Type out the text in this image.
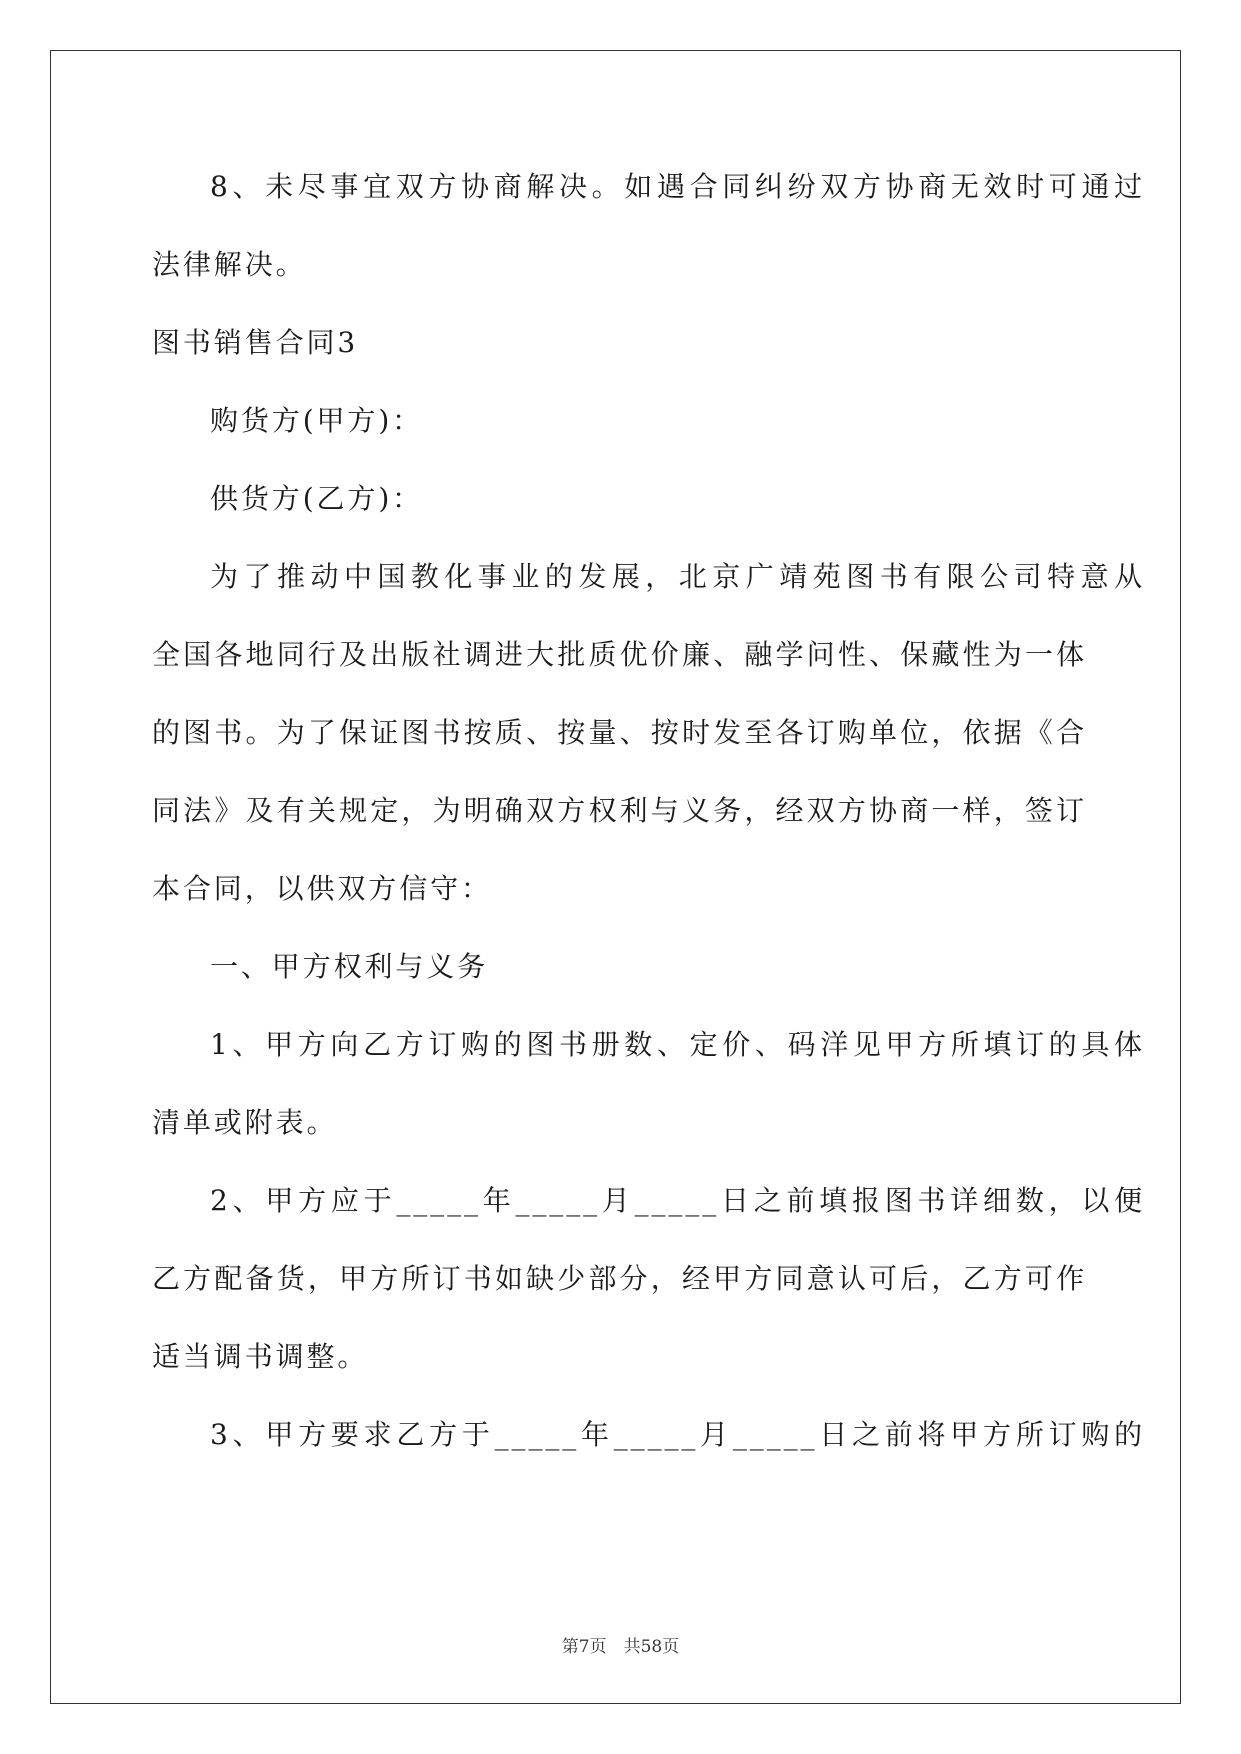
8、未尽事宜双方协商解决。如遇合同纠纷双方协商无效时可通过
法律解决。
图书销售合同3
购货方(甲方)：
供货方(乙方)：
为了推动中国教化事业的发展，北京广靖苑图书有限公司特意从
全国各地同行及出版社调进大批质优价廉、融学问性、保藏性为一体
的图书。为了保证图书按质、按量、按时发至各订购单位，依据《合
同法》及有关规定，为明确双方权利与义务，经双方协商一样，签订
本合同，以供双方信守：
一、甲方权利与义务
1、甲方向乙方订购的图书册数、定价、码洋见甲方所填订的具体
清单或附表。
2、甲方应于_____年_____月_____日之前填报图书详细数，以便
乙方配备货，甲方所订书如缺少部分，经甲方同意认可后，乙方可作
适当调书调整。
3、甲方要求乙方于_____年_____月_____日之前将甲方所订购的
第7页　共58页
